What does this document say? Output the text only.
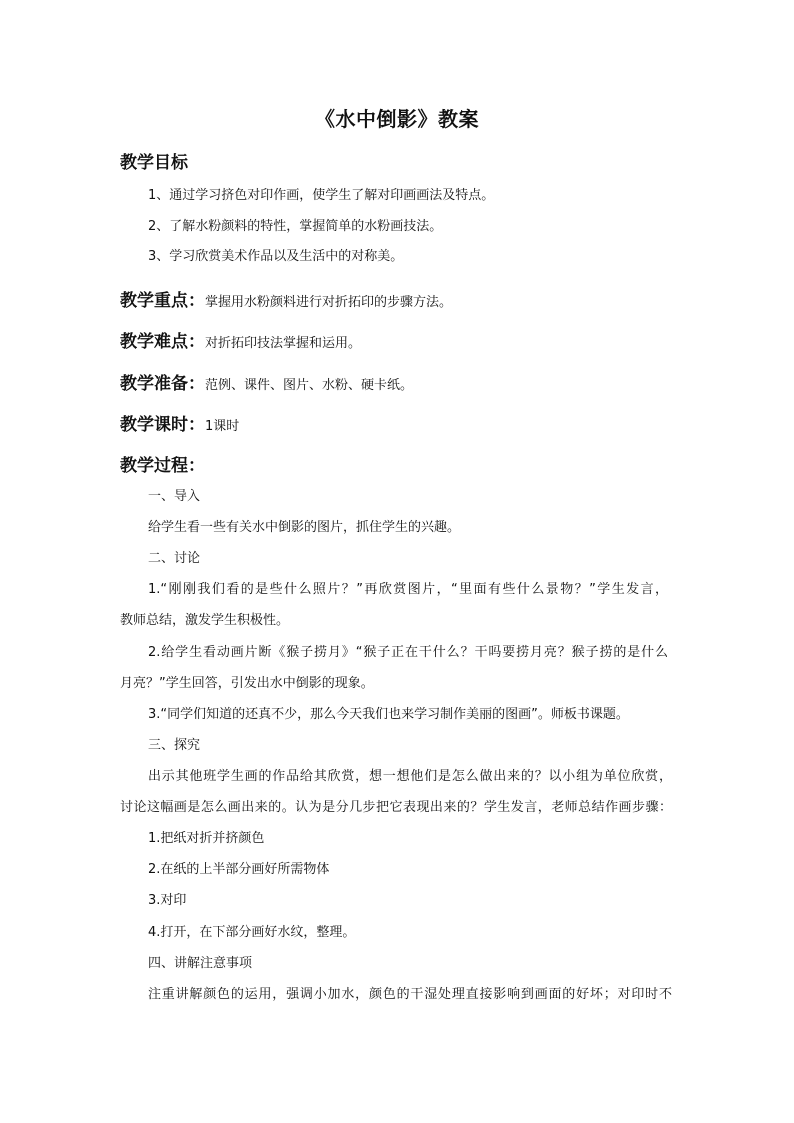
《水中倒影》教案
教学目标

1、通过学习挤色对印作画，使学生了解对印画画法及特点。

2、了解水粉颜料的特性，掌握简单的水粉画技法。

3、学习欣赏美术作品以及生活中的对称美。

教学重点：掌握用水粉颜料进行对折拓印的步骤方法。
教学难点：对折拓印技法掌握和运用。
教学准备：范例、课件、图片、水粉、硬卡纸。
教学课时：1课时
教学过程：

一、导入

给学生看一些有关水中倒影的图片，抓住学生的兴趣。

二、讨论

1.“刚刚我们看的是些什么照片？”再欣赏图片，“里面有些什么景物？”学生发言，

教师总结，激发学生积极性。

2.给学生看动画片断《猴子捞月》“猴子正在干什么？干吗要捞月亮？猴子捞的是什么

月亮？”学生回答，引发出水中倒影的现象。

3.“同学们知道的还真不少，那么今天我们也来学习制作美丽的图画”。师板书课题。

三、探究

出示其他班学生画的作品给其欣赏，想一想他们是怎么做出来的？以小组为单位欣赏，

讨论这幅画是怎么画出来的。认为是分几步把它表现出来的？学生发言，老师总结作画步骤：

1.把纸对折并挤颜色

2.在纸的上半部分画好所需物体

3.对印

4.打开，在下部分画好水纹，整理。

四、讲解注意事项

注重讲解颜色的运用，强调小加水，颜色的干湿处理直接影响到画面的好坏；对印时不
